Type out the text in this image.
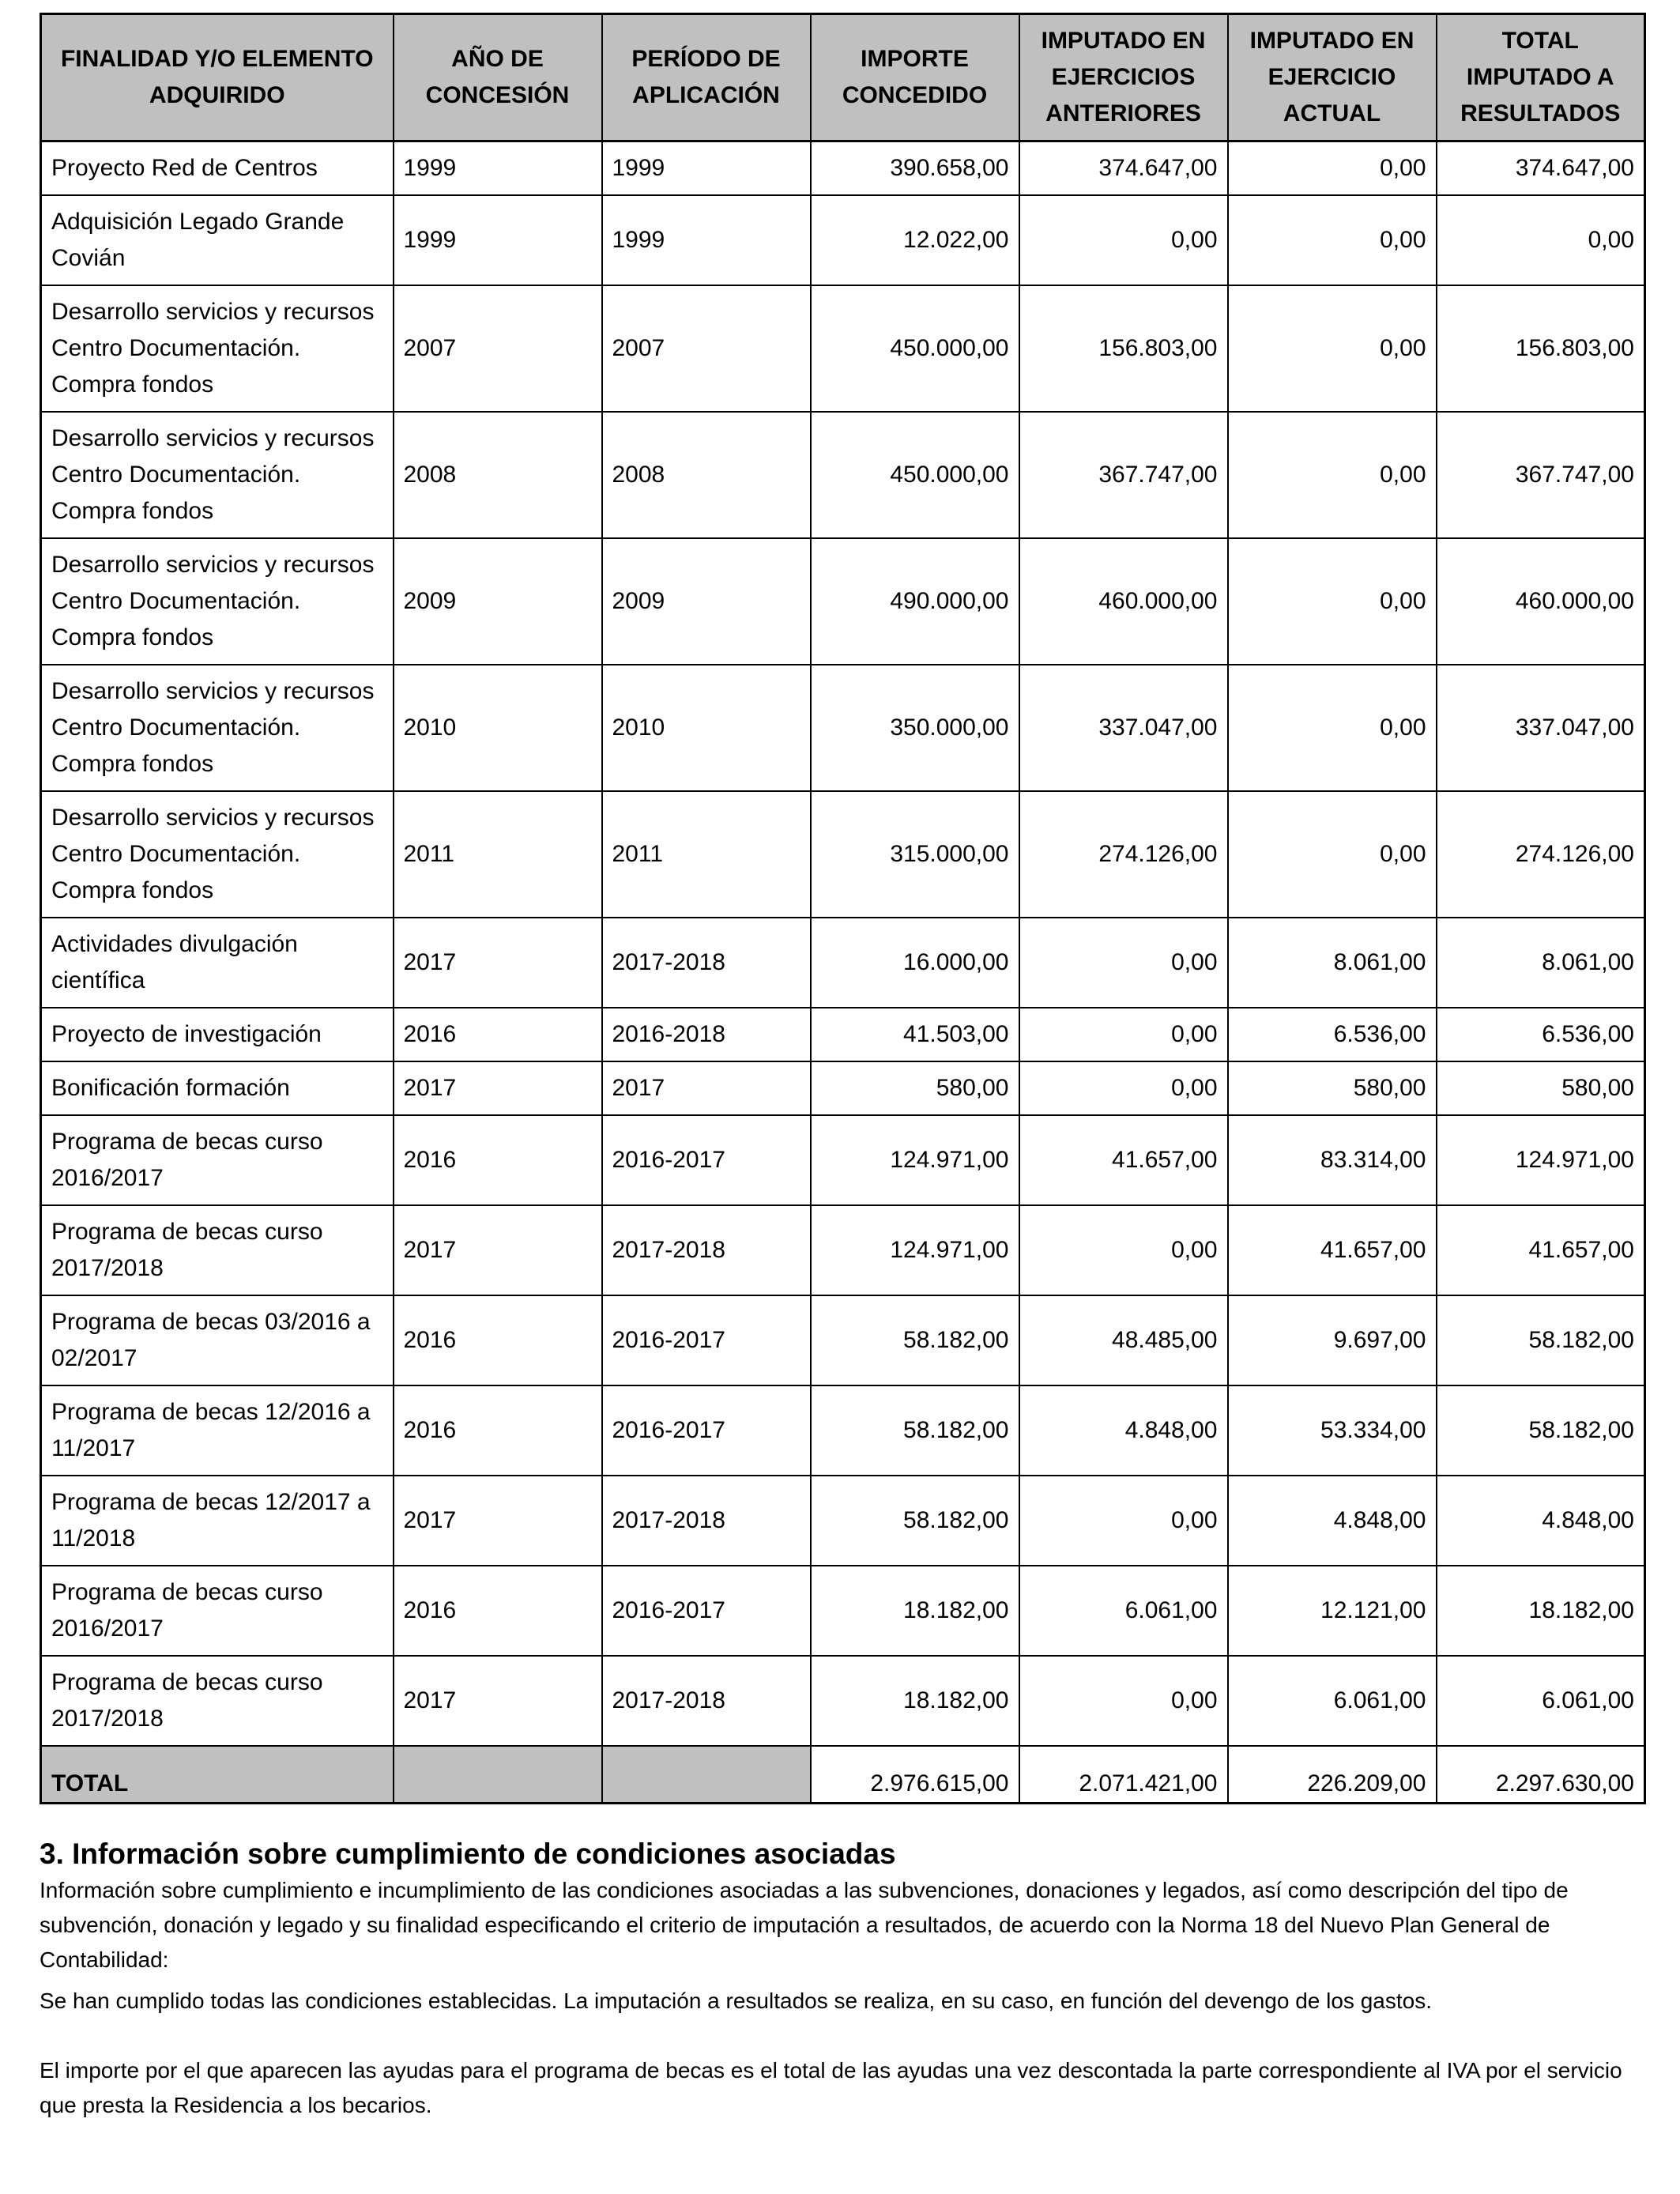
FINALIDAD Y/O ELEMENTO ADQUIRIDO	AÑO DE CONCESIÓN	PERÍODO DE APLICACIÓN	IMPORTE CONCEDIDO	IMPUTADO EN EJERCICIOS ANTERIORES	IMPUTADO EN EJERCICIO ACTUAL	TOTAL IMPUTADO A RESULTADOS
Proyecto Red de Centros	1999	1999	390.658,00	374.647,00	0,00	374.647,00
Adquisición Legado Grande Covián	1999	1999	12.022,00	0,00	0,00	0,00
Desarrollo servicios y recursos Centro Documentación. Compra fondos	2007	2007	450.000,00	156.803,00	0,00	156.803,00
Desarrollo servicios y recursos Centro Documentación. Compra fondos	2008	2008	450.000,00	367.747,00	0,00	367.747,00
Desarrollo servicios y recursos Centro Documentación. Compra fondos	2009	2009	490.000,00	460.000,00	0,00	460.000,00
Desarrollo servicios y recursos Centro Documentación. Compra fondos	2010	2010	350.000,00	337.047,00	0,00	337.047,00
Desarrollo servicios y recursos Centro Documentación. Compra fondos	2011	2011	315.000,00	274.126,00	0,00	274.126,00
Actividades divulgación científica	2017	2017-2018	16.000,00	0,00	8.061,00	8.061,00
Proyecto de investigación	2016	2016-2018	41.503,00	0,00	6.536,00	6.536,00
Bonificación formación	2017	2017	580,00	0,00	580,00	580,00
Programa de becas curso 2016/2017	2016	2016-2017	124.971,00	41.657,00	83.314,00	124.971,00
Programa de becas curso 2017/2018	2017	2017-2018	124.971,00	0,00	41.657,00	41.657,00
Programa de becas 03/2016 a 02/2017	2016	2016-2017	58.182,00	48.485,00	9.697,00	58.182,00
Programa de becas 12/2016 a 11/2017	2016	2016-2017	58.182,00	4.848,00	53.334,00	58.182,00
Programa de becas 12/2017 a 11/2018	2017	2017-2018	58.182,00	0,00	4.848,00	4.848,00
Programa de becas curso 2016/2017	2016	2016-2017	18.182,00	6.061,00	12.121,00	18.182,00
Programa de becas curso 2017/2018	2017	2017-2018	18.182,00	0,00	6.061,00	6.061,00
TOTAL			2.976.615,00	2.071.421,00	226.209,00	2.297.630,00
3. Información sobre cumplimiento de condiciones asociadas

Información sobre cumplimiento e incumplimiento de las condiciones asociadas a las subvenciones, donaciones y legados, así como descripción del tipo de subvención, donación y legado y su finalidad especificando el criterio de imputación a resultados, de acuerdo con la Norma 18 del Nuevo Plan General de Contabilidad:

Se han cumplido todas las condiciones establecidas. La imputación a resultados se realiza, en su caso, en función del devengo de los gastos.

El importe por el que aparecen las ayudas para el programa de becas es el total de las ayudas una vez descontada la parte correspondiente al IVA por el servicio que presta la Residencia a los becarios.
